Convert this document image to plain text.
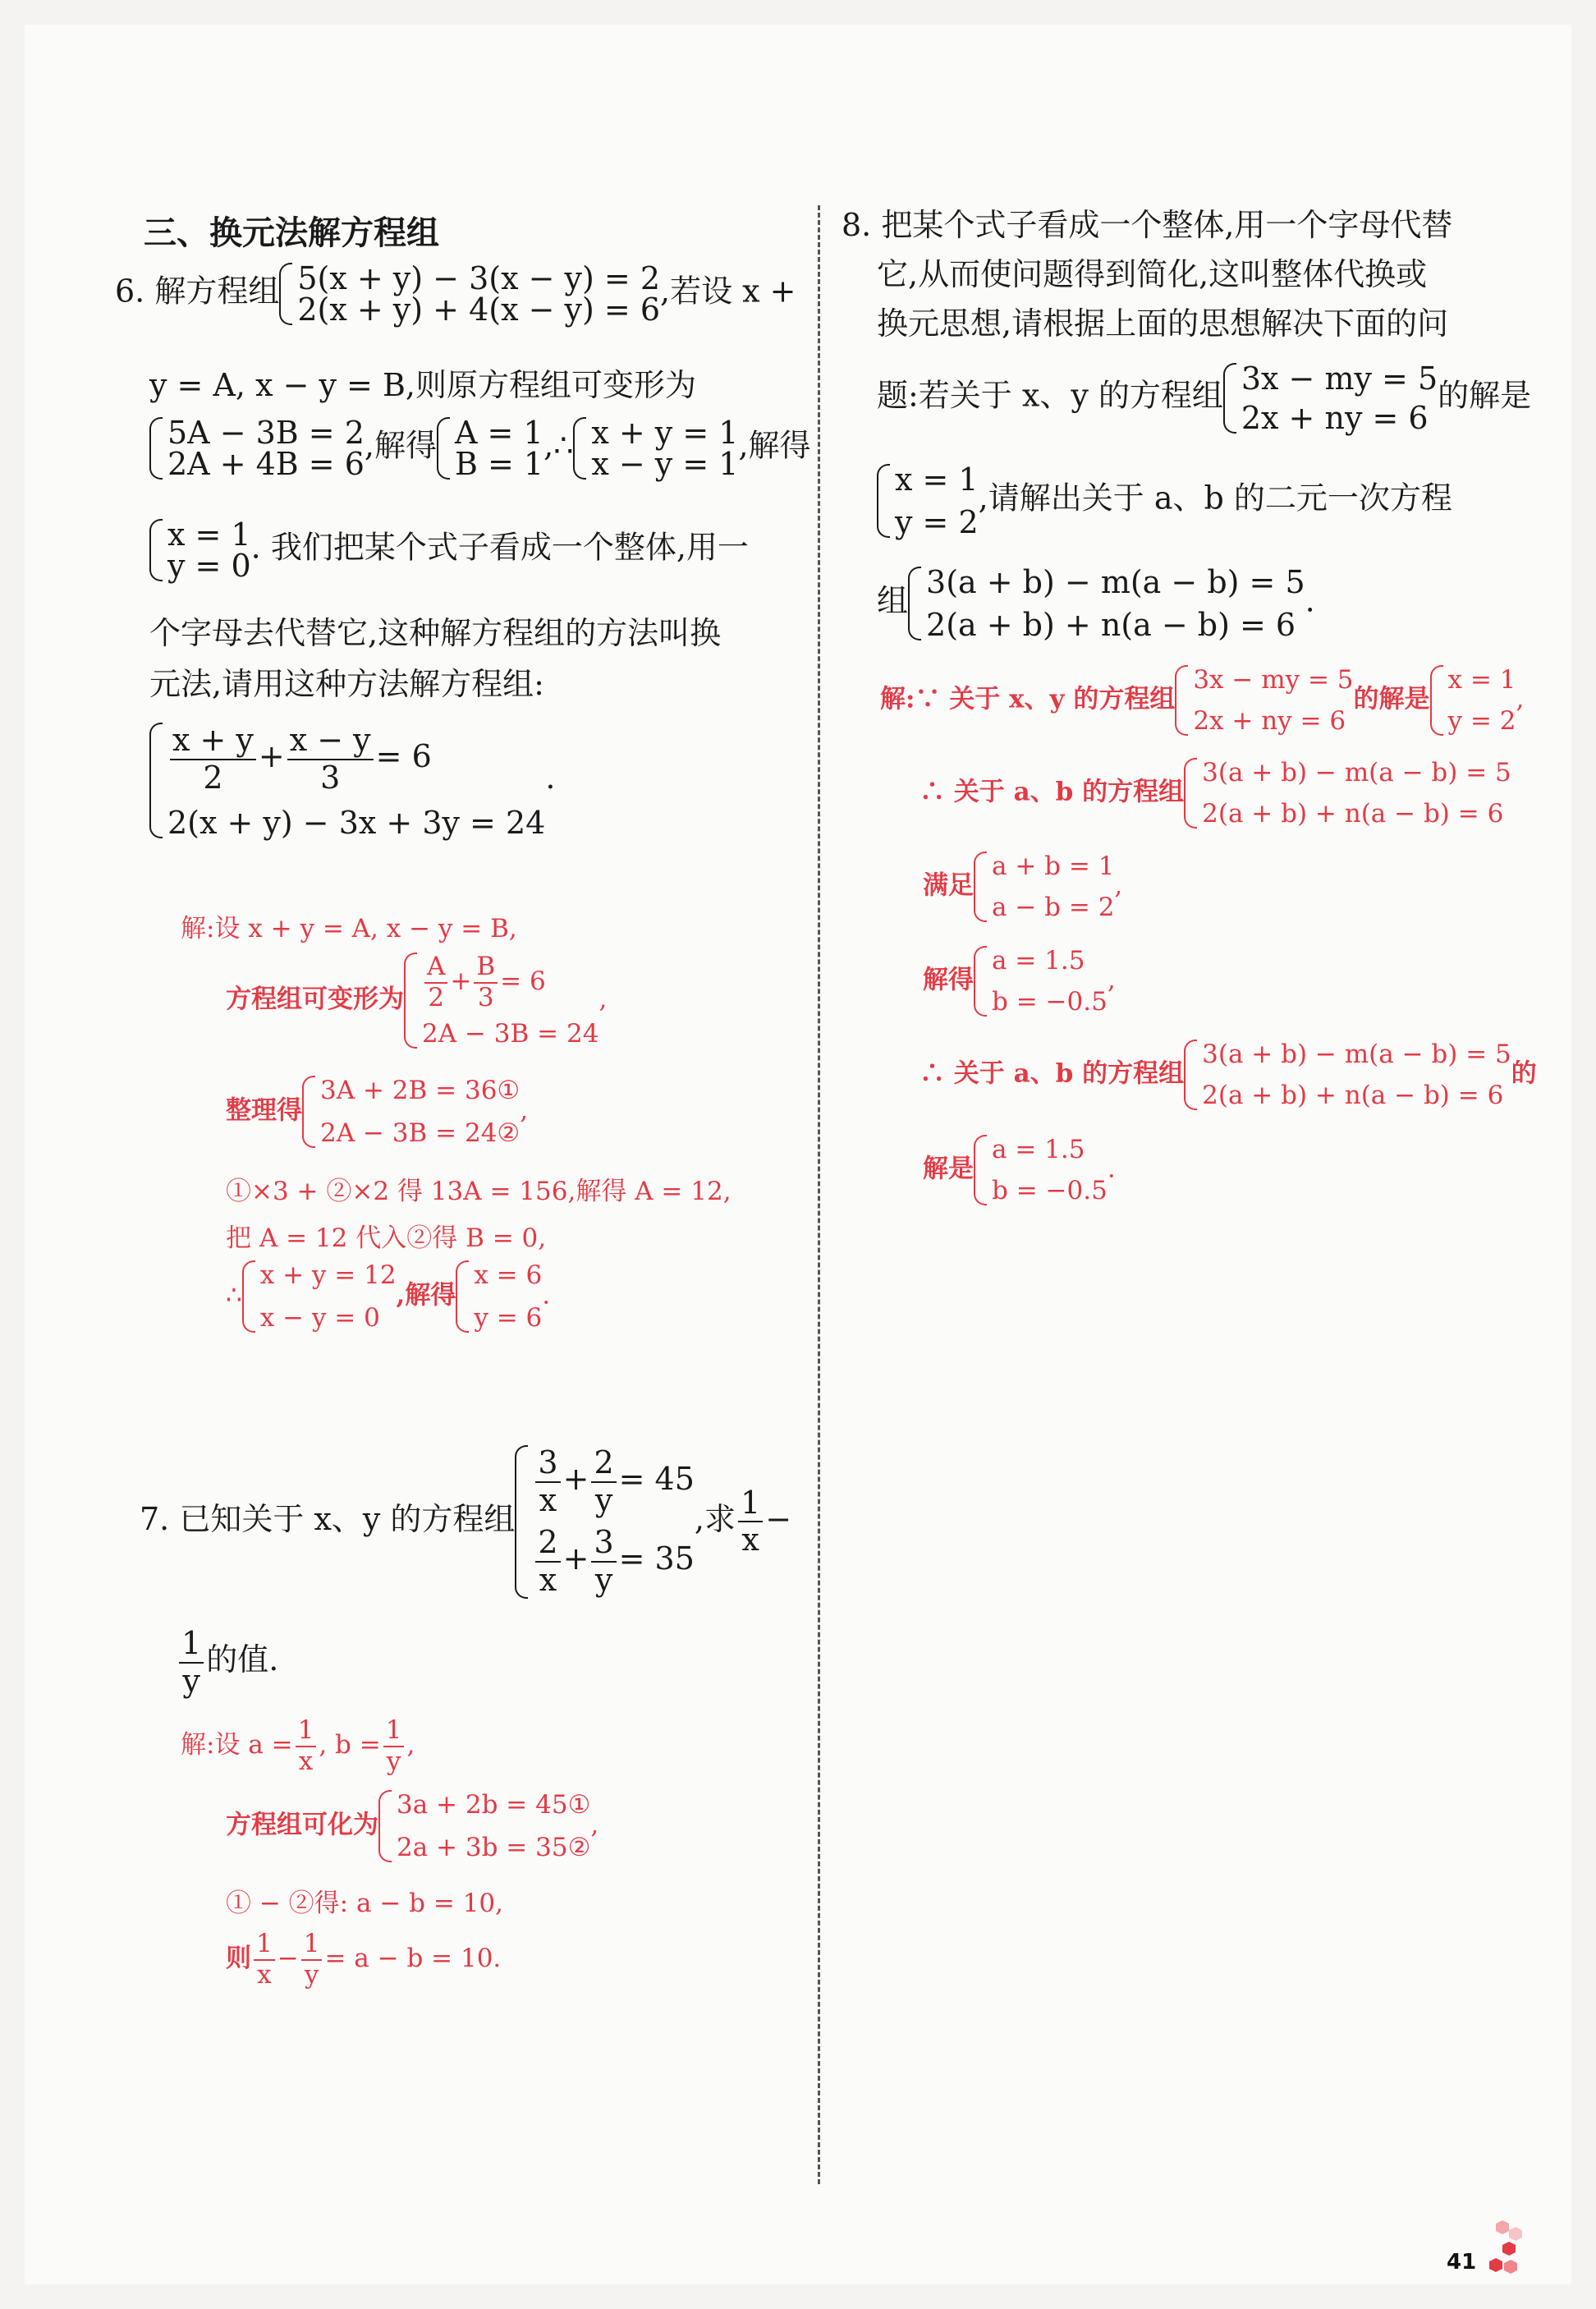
三、换元法解方程组
6. 解方程组 5(x + y) − 3(x − y) = 2
2(x + y) + 4(x − y) = 6
,若设 x +
y = A, x − y = B,则原方程组可变形为
5A − 3B = 2
2A + 4B = 6
,解得 A = 1
B = 1
,∴ x + y = 1
x − y = 1
,解得
x = 1
y = 0
. 我们把某个式子看成一个整体,用一
个字母去代替它,这种解方程组的方法叫换
元法,请用这种方法解方程组:
$\frac{x + y}{2} + \frac{x - y}{3} = 6$
2(x + y) − 3x + 3y = 24
.
解:设 x + y = A, x − y = B,
方程组可变形为 $\frac{A}{2} + \frac{B}{3} = 6$
2A − 3B = 24
,
整理得
3A + 2B = 36①
2A − 3B = 24②
,
①×3 + ②×2 得 13A = 156,解得 A = 12,
把 A = 12 代入②得 B = 0,
∴
x + y = 12
x − y = 0
,解得
x = 6
y = 6
.
7. 已知关于 x、y 的方程组
$\frac{3}{x} + \frac{2}{y} = 45$
$\frac{2}{x} + \frac{3}{y} = 35$
,求 $\frac{1}{x}$ −
$\frac{1}{y}$ 的值.
解:设 $a = \frac{1}{x}$ , $b = \frac{1}{y}$ ,
方程组可化为
3a + 2b = 45①
2a + 3b = 35②
,
① − ②得: a − b = 10,
则 $\frac{1}{x} - \frac{1}{y} = a - b = 10$.
8. 把某个式子看成一个整体,用一个字母代替
它,从而使问题得到简化,这叫整体代换或
换元思想,请根据上面的思想解决下面的问
题:若关于 x、y 的方程组 3x − my = 5
2x + ny = 6
的解是
x = 1
y = 2
,请解出关于 a、b 的二元一次方程
组
3(a + b) − m(a − b) = 5
2(a + b) + n(a − b) = 6
.
解:∵ 关于 x、y 的方程组
3x − my = 5
2x + ny = 6
的解是
x = 1
y = 2
,
∴ 关于 a、b 的方程组
3(a + b) − m(a − b) = 5
2(a + b) + n(a − b) = 6
满足
a + b = 1
a − b = 2
,
解得
a = 1.5
b = −0.5
,
∴ 关于 a、b 的方程组
3(a + b) − m(a − b) = 5
2(a + b) + n(a − b) = 6
的
解是
a = 1.5
b = −0.5
.
41
